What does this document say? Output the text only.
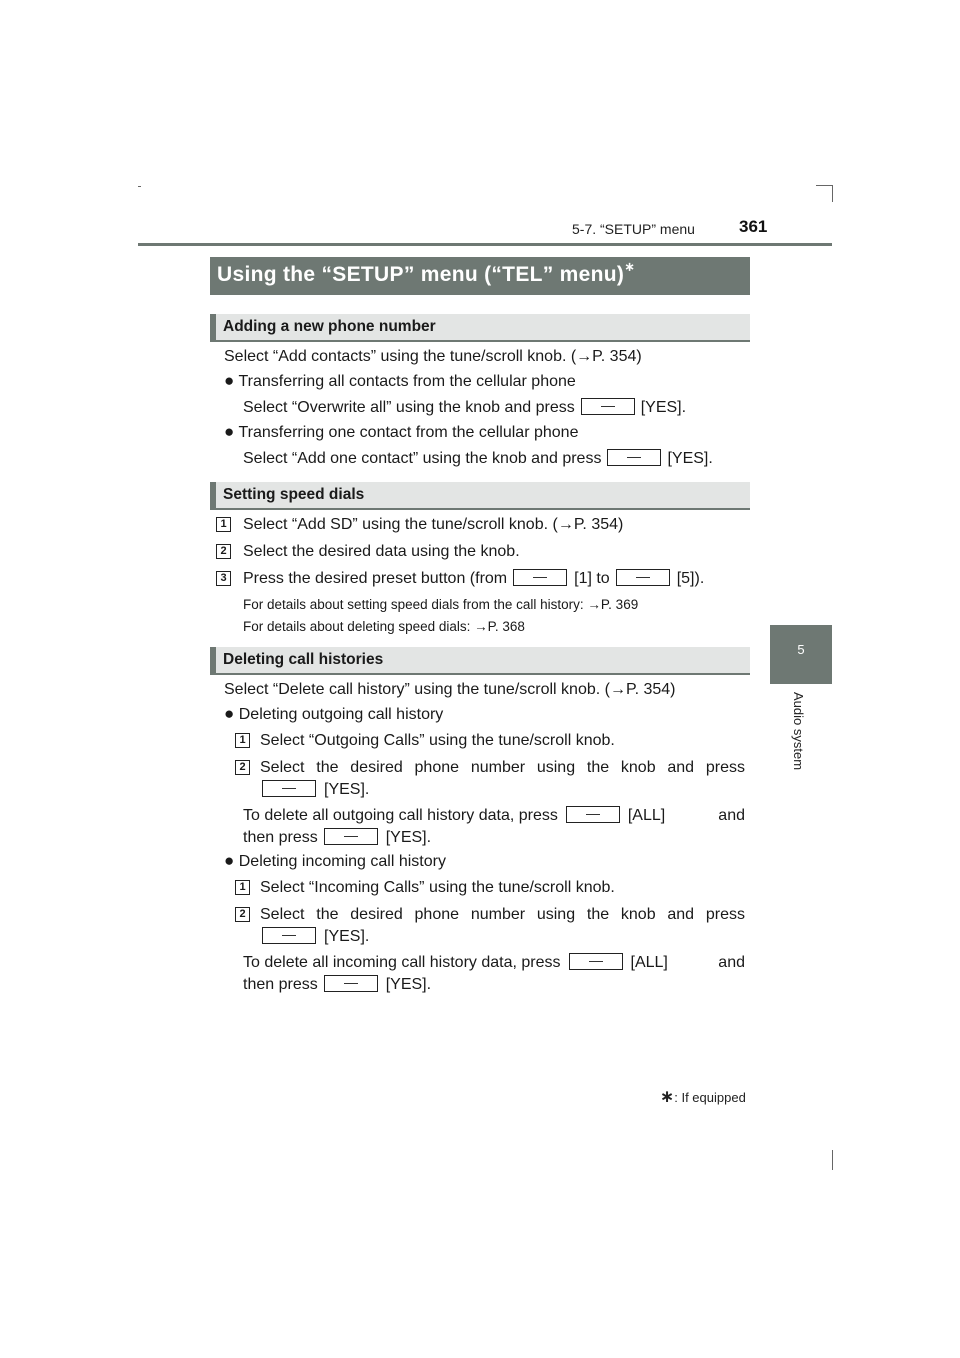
5-7. “SETUP” menu	361
5
Audio system
Using the “SETUP” menu (“TEL” menu)∗
Adding a new phone number
Select “Add contacts” using the tune/scroll knob. (→P. 354)
● Transferring all contacts from the cellular phone
Select “Overwrite all” using the knob and press	[YES].
● Transferring one contact from the cellular phone
Select “Add one contact” using the knob and press	[YES].
Setting speed dials
1 Select “Add SD” using the tune/scroll knob. (→P. 354)
2 Select the desired data using the knob.
3 Press the desired preset button (from	[1] to	[5]).
For details about setting speed dials from the call history: →P. 369
For details about deleting speed dials: →P. 368
Deleting call histories
Select “Delete call history” using the tune/scroll knob. (→P. 354)
● Deleting outgoing call history
1 Select “Outgoing Calls” using the tune/scroll knob.
2 Select the desired phone number using the knob and press
[YES].
To delete all outgoing call history data, press	[ALL] and
then press	[YES].
● Deleting incoming call history
1 Select “Incoming Calls” using the tune/scroll knob.
2 Select the desired phone number using the knob and press
[YES].
To delete all incoming call history data, press	[ALL] and
then press	[YES].
∗: If equipped
